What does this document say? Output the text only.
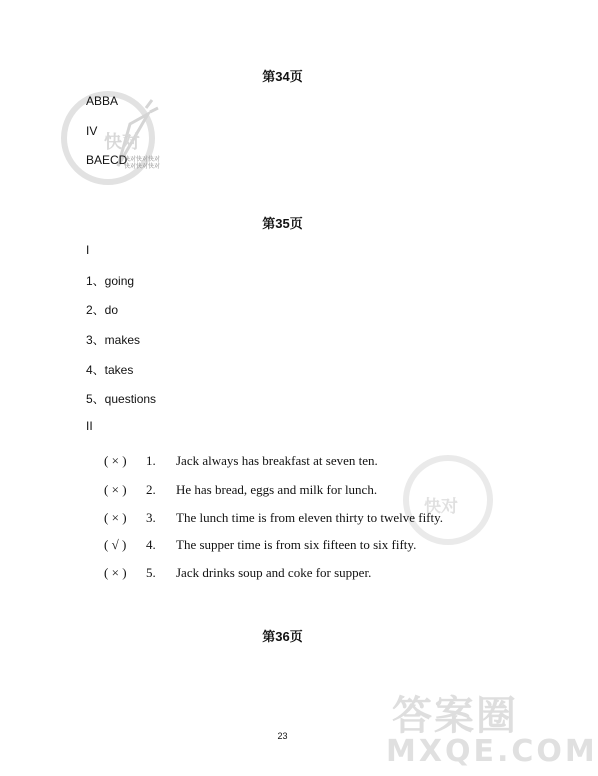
快对
第34页
ABBA
IV
BAECD
快对快对快对
快对快对快对
第35页
I
1、going
2、do
3、makes
4、takes
5、questions
II
快对
( × ) 1. Jack always has breakfast at seven ten.
( × ) 2. He has bread, eggs and milk for lunch.
( × ) 3. The lunch time is from eleven thirty to twelve fifty.
( √ ) 4. The supper time is from six fifteen to six fifty.
( × ) 5. Jack drinks soup and coke for supper.
第36页
23	答案圈
MXQE.COM
